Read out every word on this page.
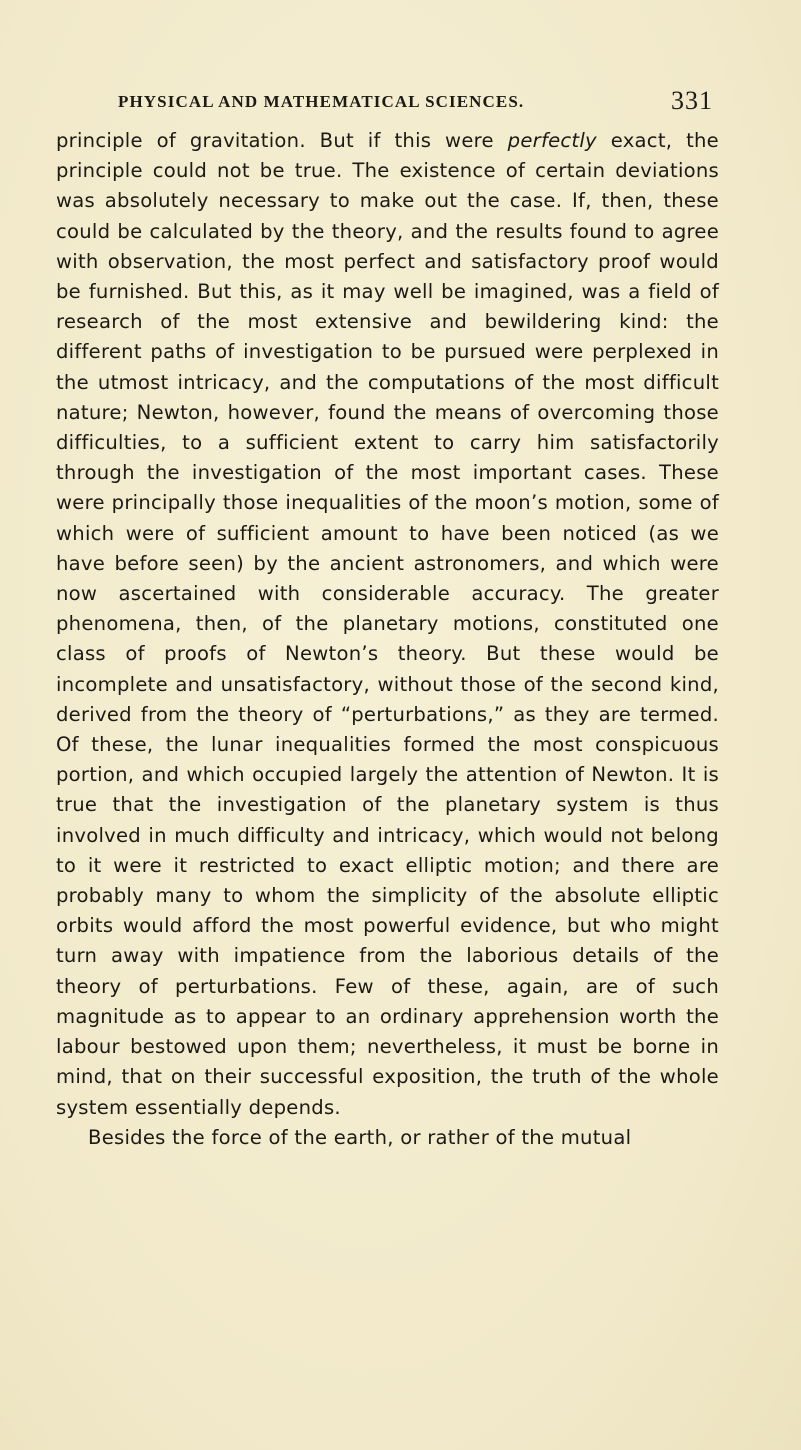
PHYSICAL AND MATHEMATICAL SCIENCES.	331

principle of gravitation. But if this were perfectly exact, the principle could not be true. The existence of certain deviations was absolutely necessary to make out the case. If, then, these could be calculated by the theory, and the results found to agree with observation, the most perfect and satisfactory proof would be furnished. But this, as it may well be imagined, was a field of research of the most extensive and bewildering kind: the different paths of investigation to be pursued were perplexed in the utmost intricacy, and the computations of the most difficult nature; Newton, however, found the means of overcoming those difficulties, to a sufficient extent to carry him satisfactorily through the investigation of the most important cases. These were principally those inequalities of the moon’s motion, some of which were of sufficient amount to have been noticed (as we have before seen) by the ancient astronomers, and which were now ascertained with considerable accuracy. The greater phenomena, then, of the planetary motions, constituted one class of proofs of Newton’s theory. But these would be incomplete and unsatisfactory, without those of the second kind, derived from the theory of “perturbations,” as they are termed. Of these, the lunar inequalities formed the most conspicuous portion, and which occupied largely the attention of Newton. It is true that the investigation of the planetary system is thus involved in much difficulty and intricacy, which would not belong to it were it restricted to exact elliptic motion; and there are probably many to whom the simplicity of the absolute elliptic orbits would afford the most powerful evidence, but who might turn away with impatience from the laborious details of the theory of perturbations. Few of these, again, are of such magnitude as to appear to an ordinary apprehension worth the labour bestowed upon them; nevertheless, it must be borne in mind, that on their successful exposition, the truth of the whole system essentially depends.

Besides the force of the earth, or rather of the mutual
